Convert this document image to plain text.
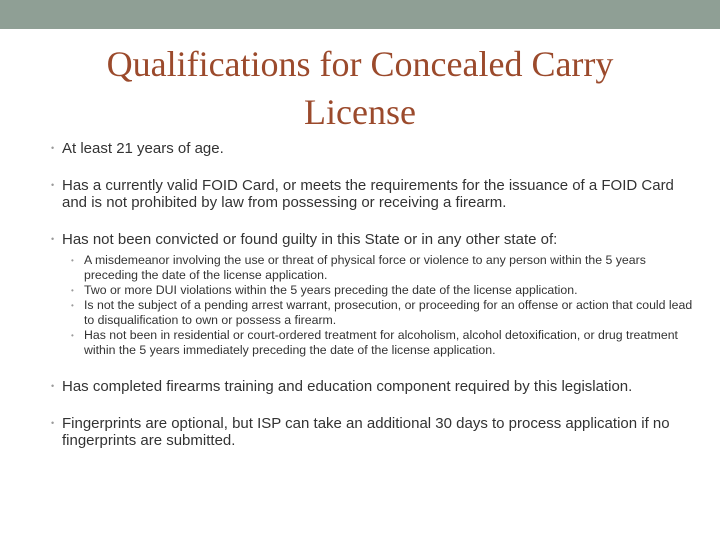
Qualifications for Concealed Carry
License
• At least 21 years of age.
• Has a currently valid FOID Card, or meets the requirements for the issuance of a FOID Card and is not prohibited by law from possessing or receiving a firearm.
• Has not been convicted or found guilty in this State or in any other state of:
• A misdemeanor involving the use or threat of physical force or violence to any person within the 5 years preceding the date of the license application.
• Two or more DUI violations within the 5 years preceding the date of the license application.
• Is not the subject of a pending arrest warrant, prosecution, or proceeding for an offense or action that could lead to disqualification to own or possess a firearm.
• Has not been in residential or court-ordered treatment for alcoholism, alcohol detoxification, or drug treatment within the 5 years immediately preceding the date of the license application.
• Has completed firearms training and education component required by this legislation.
• Fingerprints are optional, but ISP can take an additional 30 days to process application if no fingerprints are submitted.
